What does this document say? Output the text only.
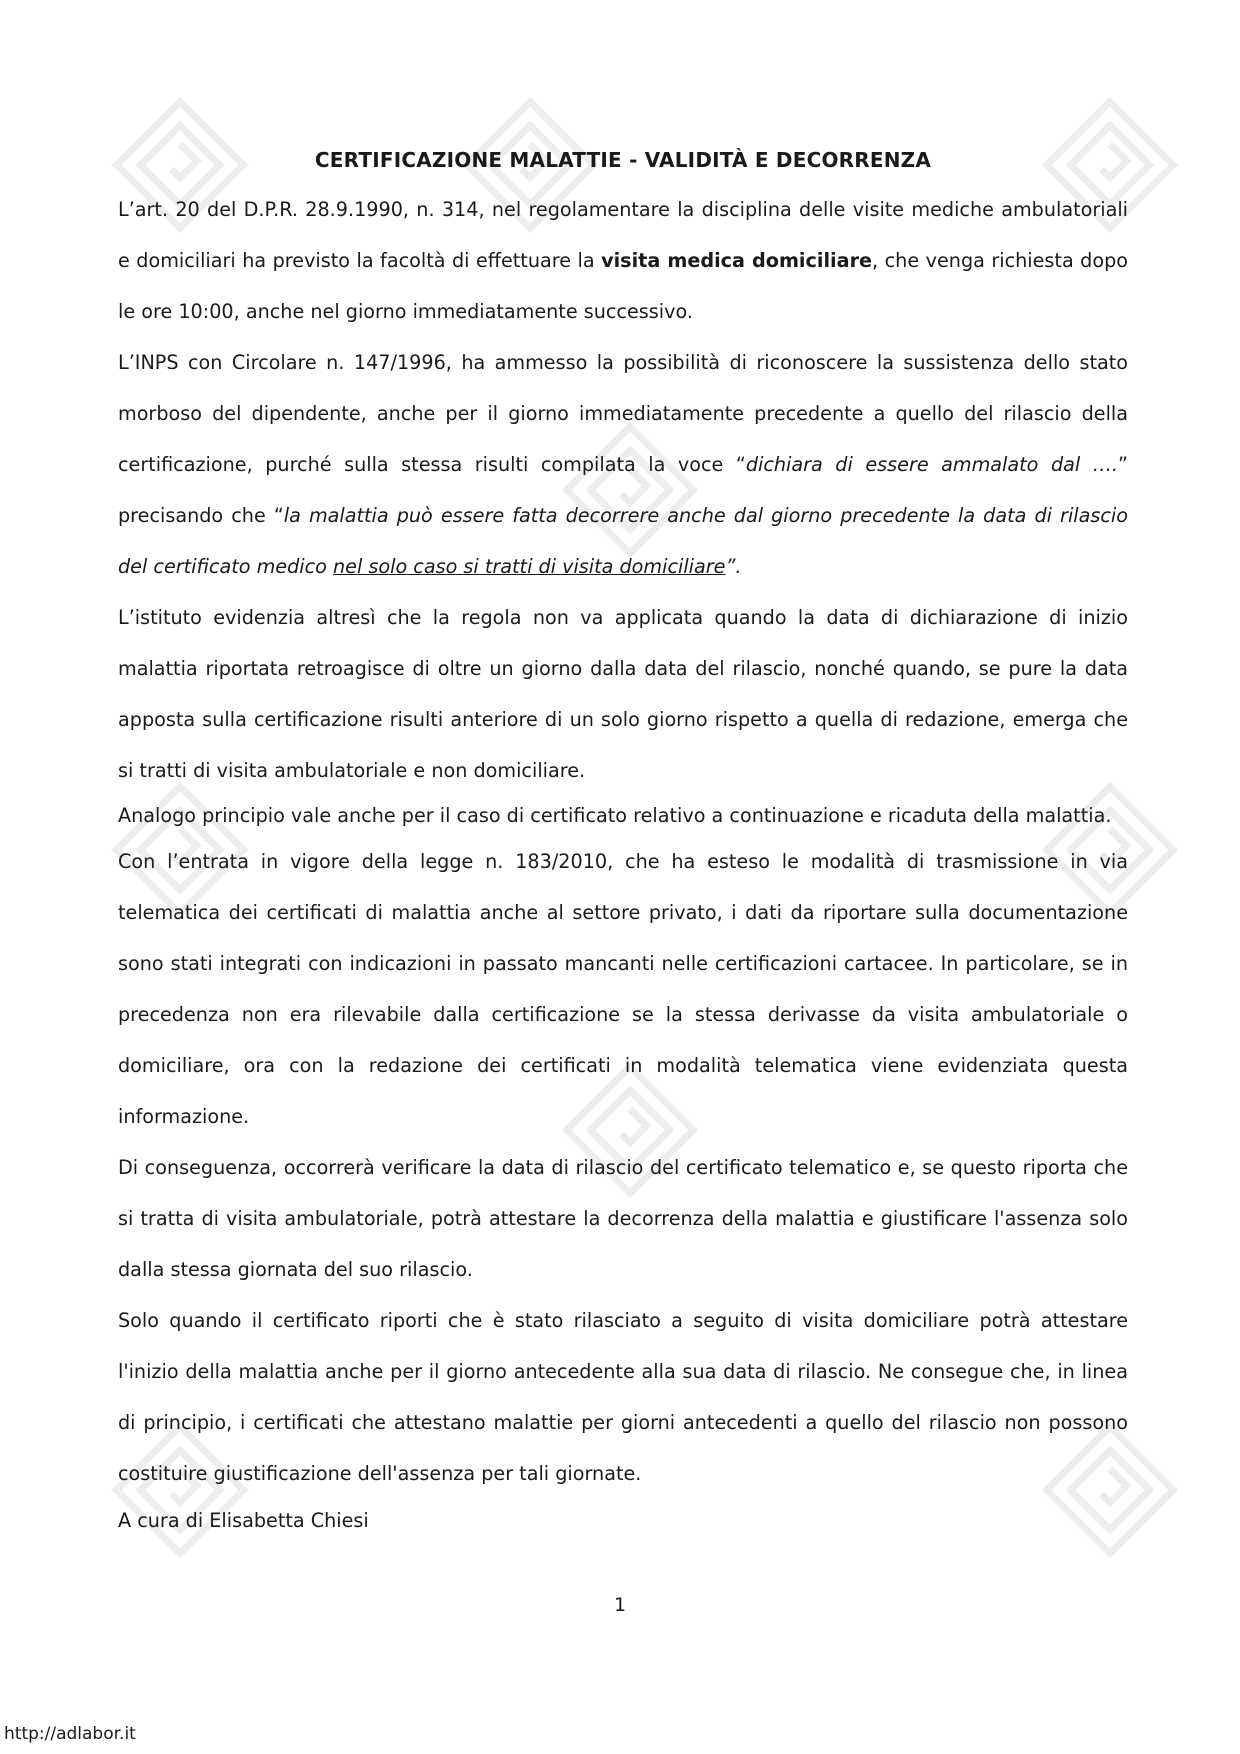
CERTIFICAZIONE MALATTIE - VALIDITÀ E DECORRENZA

L’art. 20 del D.P.R. 28.9.1990, n. 314, nel regolamentare la disciplina delle visite mediche ambulatoriali e domiciliari ha previsto la facoltà di effettuare la visita medica domiciliare, che venga richiesta dopo le ore 10:00, anche nel giorno immediatamente successivo.

L’INPS con Circolare n. 147/1996, ha ammesso la possibilità di riconoscere la sussistenza dello stato morboso del dipendente, anche per il giorno immediatamente precedente a quello del rilascio della certificazione, purché sulla stessa risulti compilata la voce “dichiara di essere ammalato dal ….” precisando che “la malattia può essere fatta decorrere anche dal giorno precedente la data di rilascio del certificato medico nel solo caso si tratti di visita domiciliare”.

L’istituto evidenzia altresì che la regola non va applicata quando la data di dichiarazione di inizio malattia riportata retroagisce di oltre un giorno dalla data del rilascio, nonché quando, se pure la data apposta sulla certificazione risulti anteriore di un solo giorno rispetto a quella di redazione, emerga che si tratti di visita ambulatoriale e non domiciliare.

Analogo principio vale anche per il caso di certificato relativo a continuazione e ricaduta della malattia.

Con l’entrata in vigore della legge n. 183/2010, che ha esteso le modalità di trasmissione in via telematica dei certificati di malattia anche al settore privato, i dati da riportare sulla documentazione sono stati integrati con indicazioni in passato mancanti nelle certificazioni cartacee. In particolare, se in precedenza non era rilevabile dalla certificazione se la stessa derivasse da visita ambulatoriale o domiciliare, ora con la redazione dei certificati in modalità telematica viene evidenziata questa informazione.

Di conseguenza, occorrerà verificare la data di rilascio del certificato telematico e, se questo riporta che si tratta di visita ambulatoriale, potrà attestare la decorrenza della malattia e giustificare l'assenza solo dalla stessa giornata del suo rilascio.

Solo quando il certificato riporti che è stato rilasciato a seguito di visita domiciliare potrà attestare l'inizio della malattia anche per il giorno antecedente alla sua data di rilascio. Ne consegue che, in linea di principio, i certificati che attestano malattie per giorni antecedenti a quello del rilascio non possono costituire giustificazione dell'assenza per tali giornate.

A cura di Elisabetta Chiesi

1
http://adlabor.it
